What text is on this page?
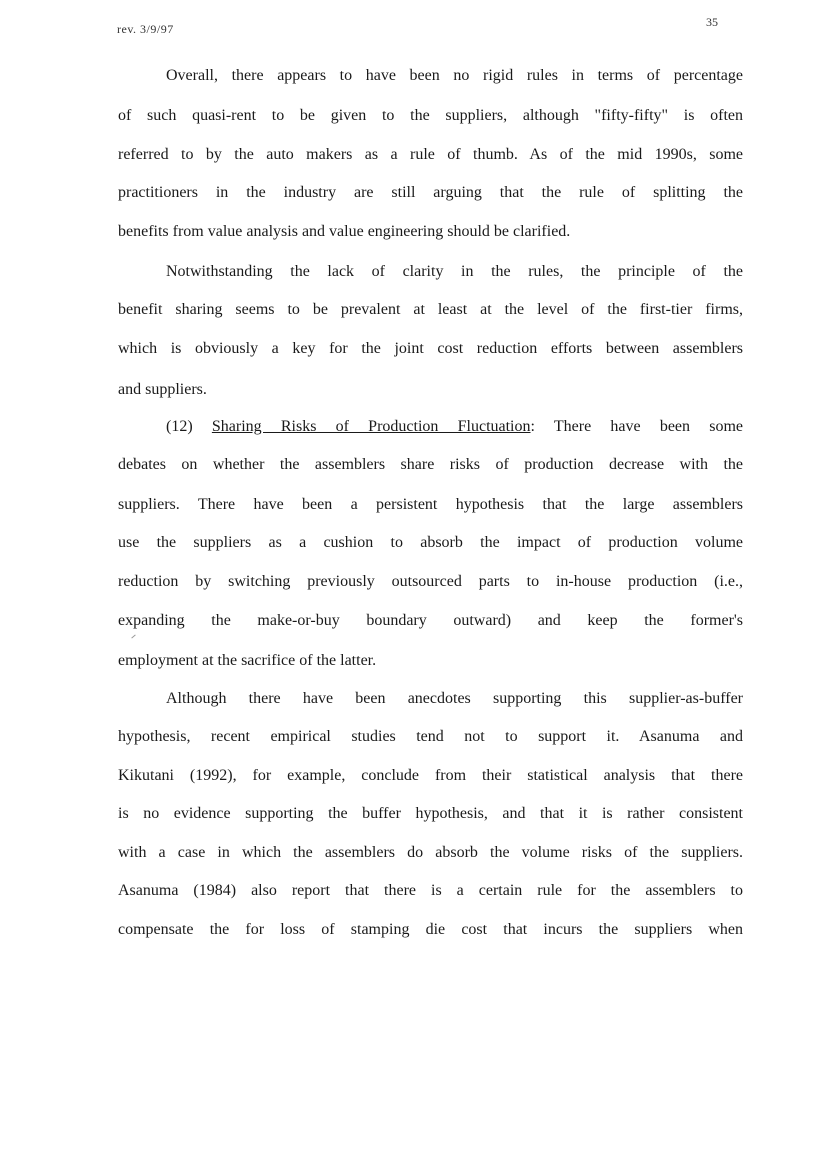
rev. 3/9/97	35
Overall, there appears to have been no rigid rules in terms of percentage
of such quasi-rent to be given to the suppliers, although "fifty-fifty" is often
referred to by the auto makers as a rule of thumb. As of the mid 1990s, some
practitioners in the industry are still arguing that the rule of splitting the
benefits from value analysis and value engineering should be clarified.
Notwithstanding the lack of clarity in the rules, the principle of the
benefit sharing seems to be prevalent at least at the level of the first-tier firms,
which is obviously a key for the joint cost reduction efforts between assemblers
and suppliers.
(12) Sharing Risks of Production Fluctuation: There have been some
debates on whether the assemblers share risks of production decrease with the
suppliers. There have been a persistent hypothesis that the large assemblers
use the suppliers as a cushion to absorb the impact of production volume
reduction by switching previously outsourced parts to in-house production (i.e.,
expanding the make-or-buy boundary outward) and keep the former's
employment at the sacrifice of the latter.
Although there have been anecdotes supporting this supplier-as-buffer
hypothesis, recent empirical studies tend not to support it. Asanuma and
Kikutani (1992), for example, conclude from their statistical analysis that there
is no evidence supporting the buffer hypothesis, and that it is rather consistent
with a case in which the assemblers do absorb the volume risks of the suppliers.
Asanuma (1984) also report that there is a certain rule for the assemblers to
compensate the for loss of stamping die cost that incurs the suppliers when
